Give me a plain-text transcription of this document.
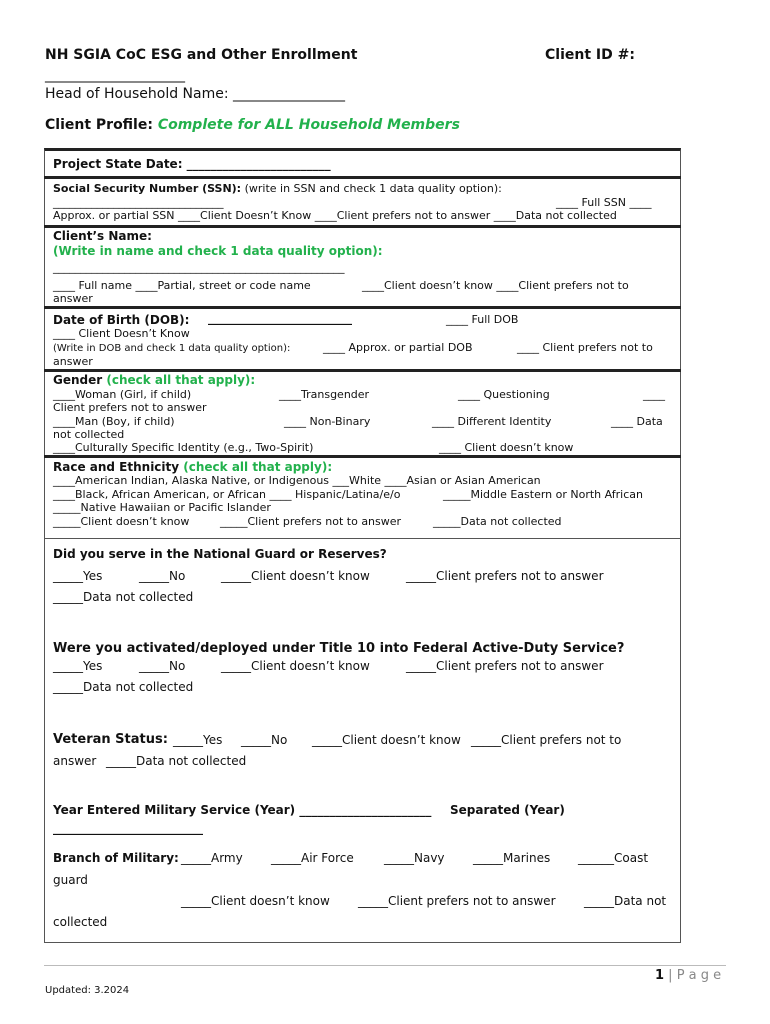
NH SGIA CoC ESG and Other Enrollment	Client ID #:
____________________
Head of Household Name: ________________
Client Profile: Complete for ALL Household Members
Project State Date: ________________________
Social Security Number (SSN): (write in SSN and check 1 data quality option):
_______________________________	____ Full SSN ____
Approx. or partial SSN ____Client Doesn’t Know ____Client prefers not to answer ____Data not collected
Client’s Name:
(Write in name and check 1 data quality option):
_____________________________________________________
____ Full name ____Partial, street or code name	____Client doesn’t know ____Client prefers not to
answer
Date of Birth (DOB): ________________________	____ Full DOB
____ Client Doesn’t Know
(Write in DOB and check 1 data quality option):	____ Approx. or partial DOB	____ Client prefers not to
answer
Gender (check all that apply):
____Woman (Girl, if child)	____Transgender	____ Questioning	____
Client prefers not to answer
____Man (Boy, if child)	____ Non-Binary	____ Different Identity	____ Data
not collected
____Culturally Specific Identity (e.g., Two-Spirit)	____ Client doesn’t know
Race and Ethnicity (check all that apply):
____American Indian, Alaska Native, or Indigenous ___White ____Asian or Asian American
____Black, African American, or African ____ Hispanic/Latina/e/o	_____Middle Eastern or North African
_____Native Hawaiian or Pacific Islander
_____Client doesn’t know	_____Client prefers not to answer	_____Data not collected
Did you serve in the National Guard or Reserves?
_____Yes	_____No	_____Client doesn’t know	_____Client prefers not to answer
_____Data not collected
Were you activated/deployed under Title 10 into Federal Active-Duty Service?
_____Yes	_____No	_____Client doesn’t know	_____Client prefers not to answer
_____Data not collected
Veteran Status: _____Yes _____No _____Client doesn’t know _____Client prefers not to
answer _____Data not collected
Year Entered Military Service (Year) ______________________ Separated (Year)
_________________________
Branch of Military: _____Army _____Air Force	_____Navy _____Marines ______Coast
guard
_____Client doesn’t know _____Client prefers not to answer _____Data not
collected
1 | P a g e
Updated: 3.2024
